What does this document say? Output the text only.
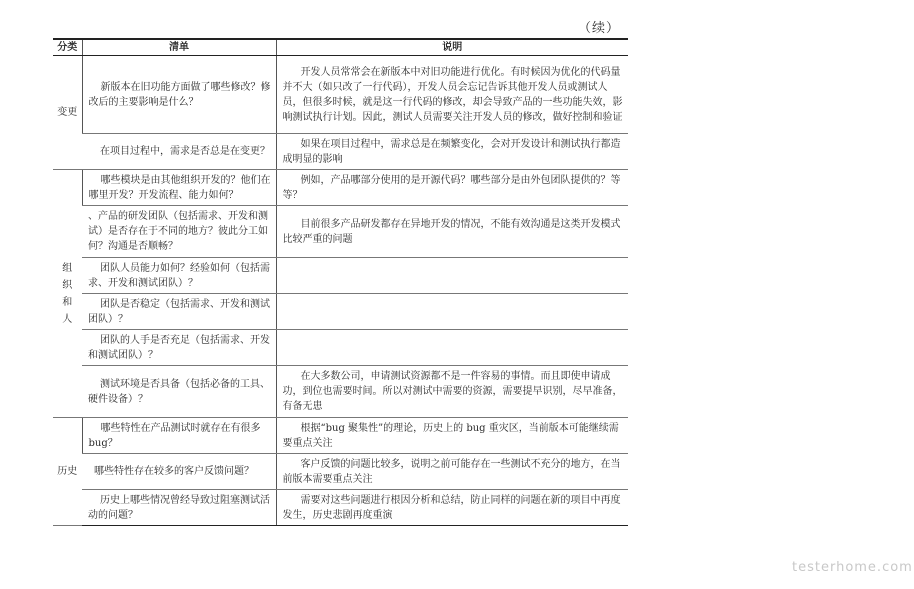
（续）
分类	清单	说明
变更	新版本在旧功能方面做了哪些修改？修改后的主要影响是什么？	开发人员常常会在新版本中对旧功能进行优化。有时候因为优化的代码量并不大（如只改了一行代码），开发人员会忘记告诉其他开发人员或测试人员，但很多时候，就是这一行代码的修改，却会导致产品的一些功能失效，影响测试执行计划。因此，测试人员需要关注开发人员的修改，做好控制和验证
	在项目过程中，需求是否总是在变更？	如果在项目过程中，需求总是在频繁变化，会对开发设计和测试执行都造成明显的影响
组织和人	哪些模块是由其他组织开发的？他们在哪里开发？开发流程、能力如何？	例如，产品哪部分使用的是开源代码？哪些部分是由外包团队提供的？等等？
	、产品的研发团队（包括需求、开发和测试）是否存在于不同的地方？彼此分工如何？沟通是否顺畅？	目前很多产品研发都存在异地开发的情况，不能有效沟通是这类开发模式比较严重的问题
	团队人员能力如何？经验如何（包括需求、开发和测试团队）？	
	团队是否稳定（包括需求、开发和测试团队）？	
	团队的人手是否充足（包括需求、开发和测试团队）？	
	测试环境是否具备（包括必备的工具、硬件设备）？	在大多数公司，申请测试资源都不是一件容易的事情。而且即使申请成功，到位也需要时间。所以对测试中需要的资源，需要提早识别，尽早准备，有备无患
历史	哪些特性在产品测试时就存在有很多 bug？	根据“bug 聚集性”的理论，历史上的 bug 重灾区，当前版本可能继续需要重点关注
	哪些特性存在较多的客户反馈问题？	客户反馈的问题比较多，说明之前可能存在一些测试不充分的地方，在当前版本需要重点关注
	历史上哪些情况曾经导致过阻塞测试活动的问题？	需要对这些问题进行根因分析和总结，防止同样的问题在新的项目中再度发生，历史悲剧再度重演
testerhome.com
